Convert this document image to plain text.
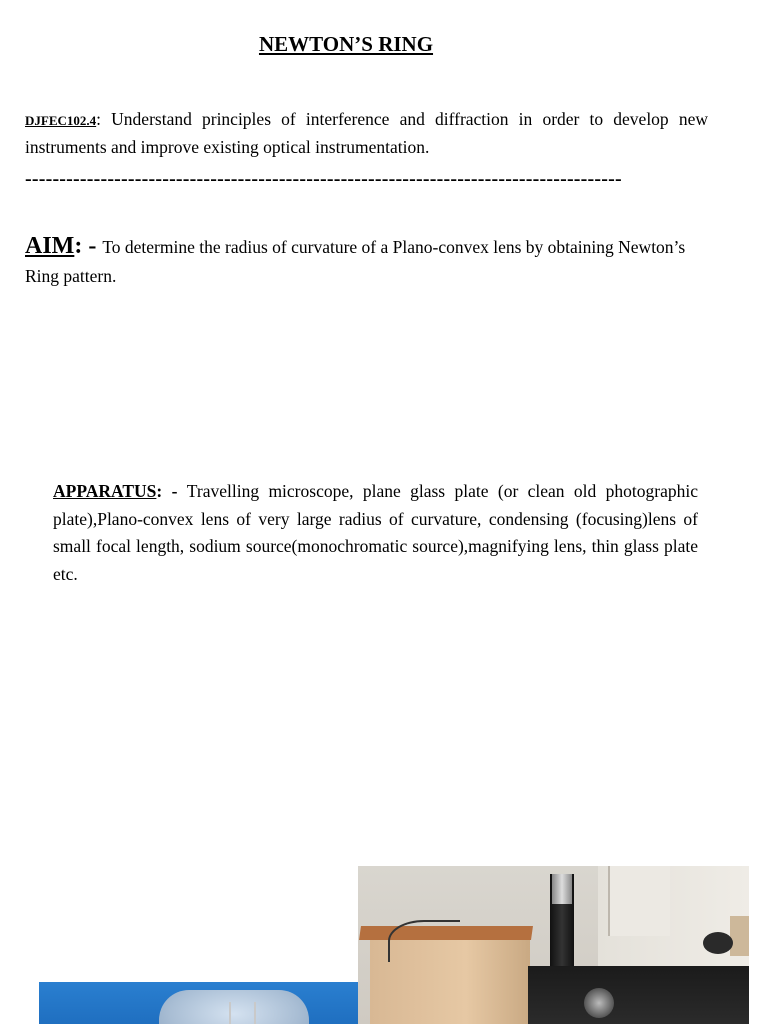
NEWTON’S RING
DJFEC102.4: Understand principles of interference and diffraction in order to develop new instruments and improve existing optical instrumentation.
---------------------------------------------------------------------------------------
AIM: - To determine the radius of curvature of a Plano-convex lens by obtaining Newton’s Ring pattern.
APPARATUS: - Travelling microscope, plane glass plate (or clean old photographic plate),Plano-convex lens of very large radius of curvature, condensing (focusing)lens of small focal length, sodium source(monochromatic source),magnifying lens, thin glass plate etc.
